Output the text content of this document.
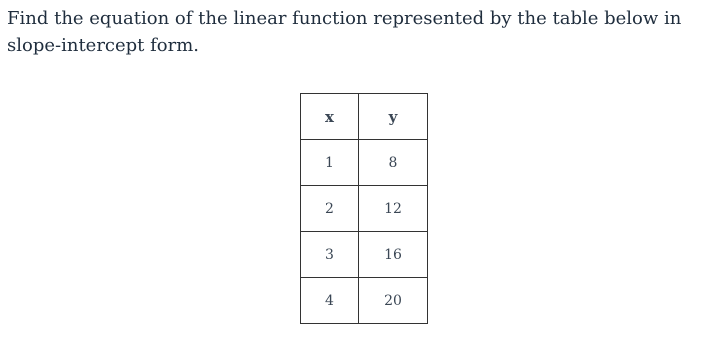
Find the equation of the linear function represented by the table below in slope-intercept form.
x	y
1	8
2	12
3	16
4	20
